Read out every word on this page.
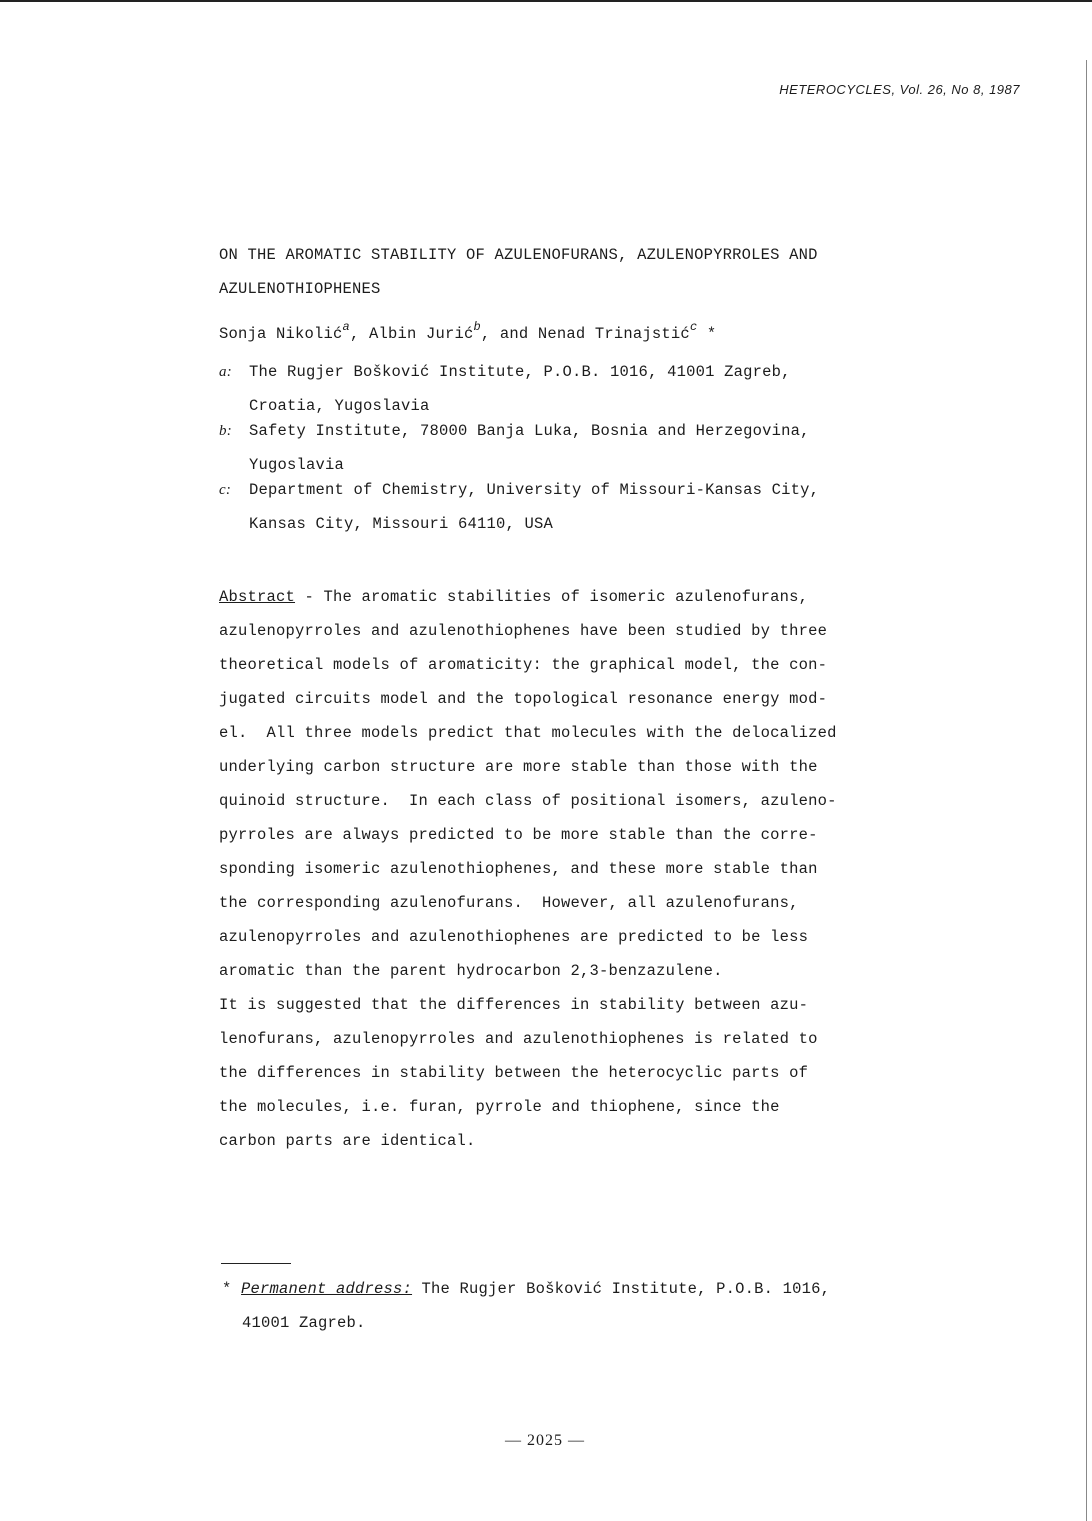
HETEROCYCLES, Vol. 26, No 8, 1987
ON THE AROMATIC STABILITY OF AZULENOFURANS, AZULENOPYRROLES AND
AZULENOTHIOPHENES
Sonja Nikolić$^a$, Albin Jurić$^b$, and Nenad Trinajstić$^c$ *
a:	The Rugjer Bošković Institute, P.O.B. 1016, 41001 Zagreb,
Croatia, Yugoslavia
b:	Safety Institute, 78000 Banja Luka, Bosnia and Herzegovina,
Yugoslavia
c:	Department of Chemistry, University of Missouri-Kansas City,
Kansas City, Missouri 64110, USA
Abstract - The aromatic stabilities of isomeric azulenofurans,
azulenopyrroles and azulenothiophenes have been studied by three
theoretical models of aromaticity: the graphical model, the con-
jugated circuits model and the topological resonance energy mod-
el.  All three models predict that molecules with the delocalized
underlying carbon structure are more stable than those with the
quinoid structure.  In each class of positional isomers, azuleno-
pyrroles are always predicted to be more stable than the corre-
sponding isomeric azulenothiophenes, and these more stable than
the corresponding azulenofurans.  However, all azulenofurans,
azulenopyrroles and azulenothiophenes are predicted to be less
aromatic than the parent hydrocarbon 2,3-benzazulene.
It is suggested that the differences in stability between azu-
lenofurans, azulenopyrroles and azulenothiophenes is related to
the differences in stability between the heterocyclic parts of
the molecules, i.e. furan, pyrrole and thiophene, since the
carbon parts are identical.
* Permanent address: The Rugjer Bošković Institute, P.O.B. 1016,
41001 Zagreb.
— 2025 —
